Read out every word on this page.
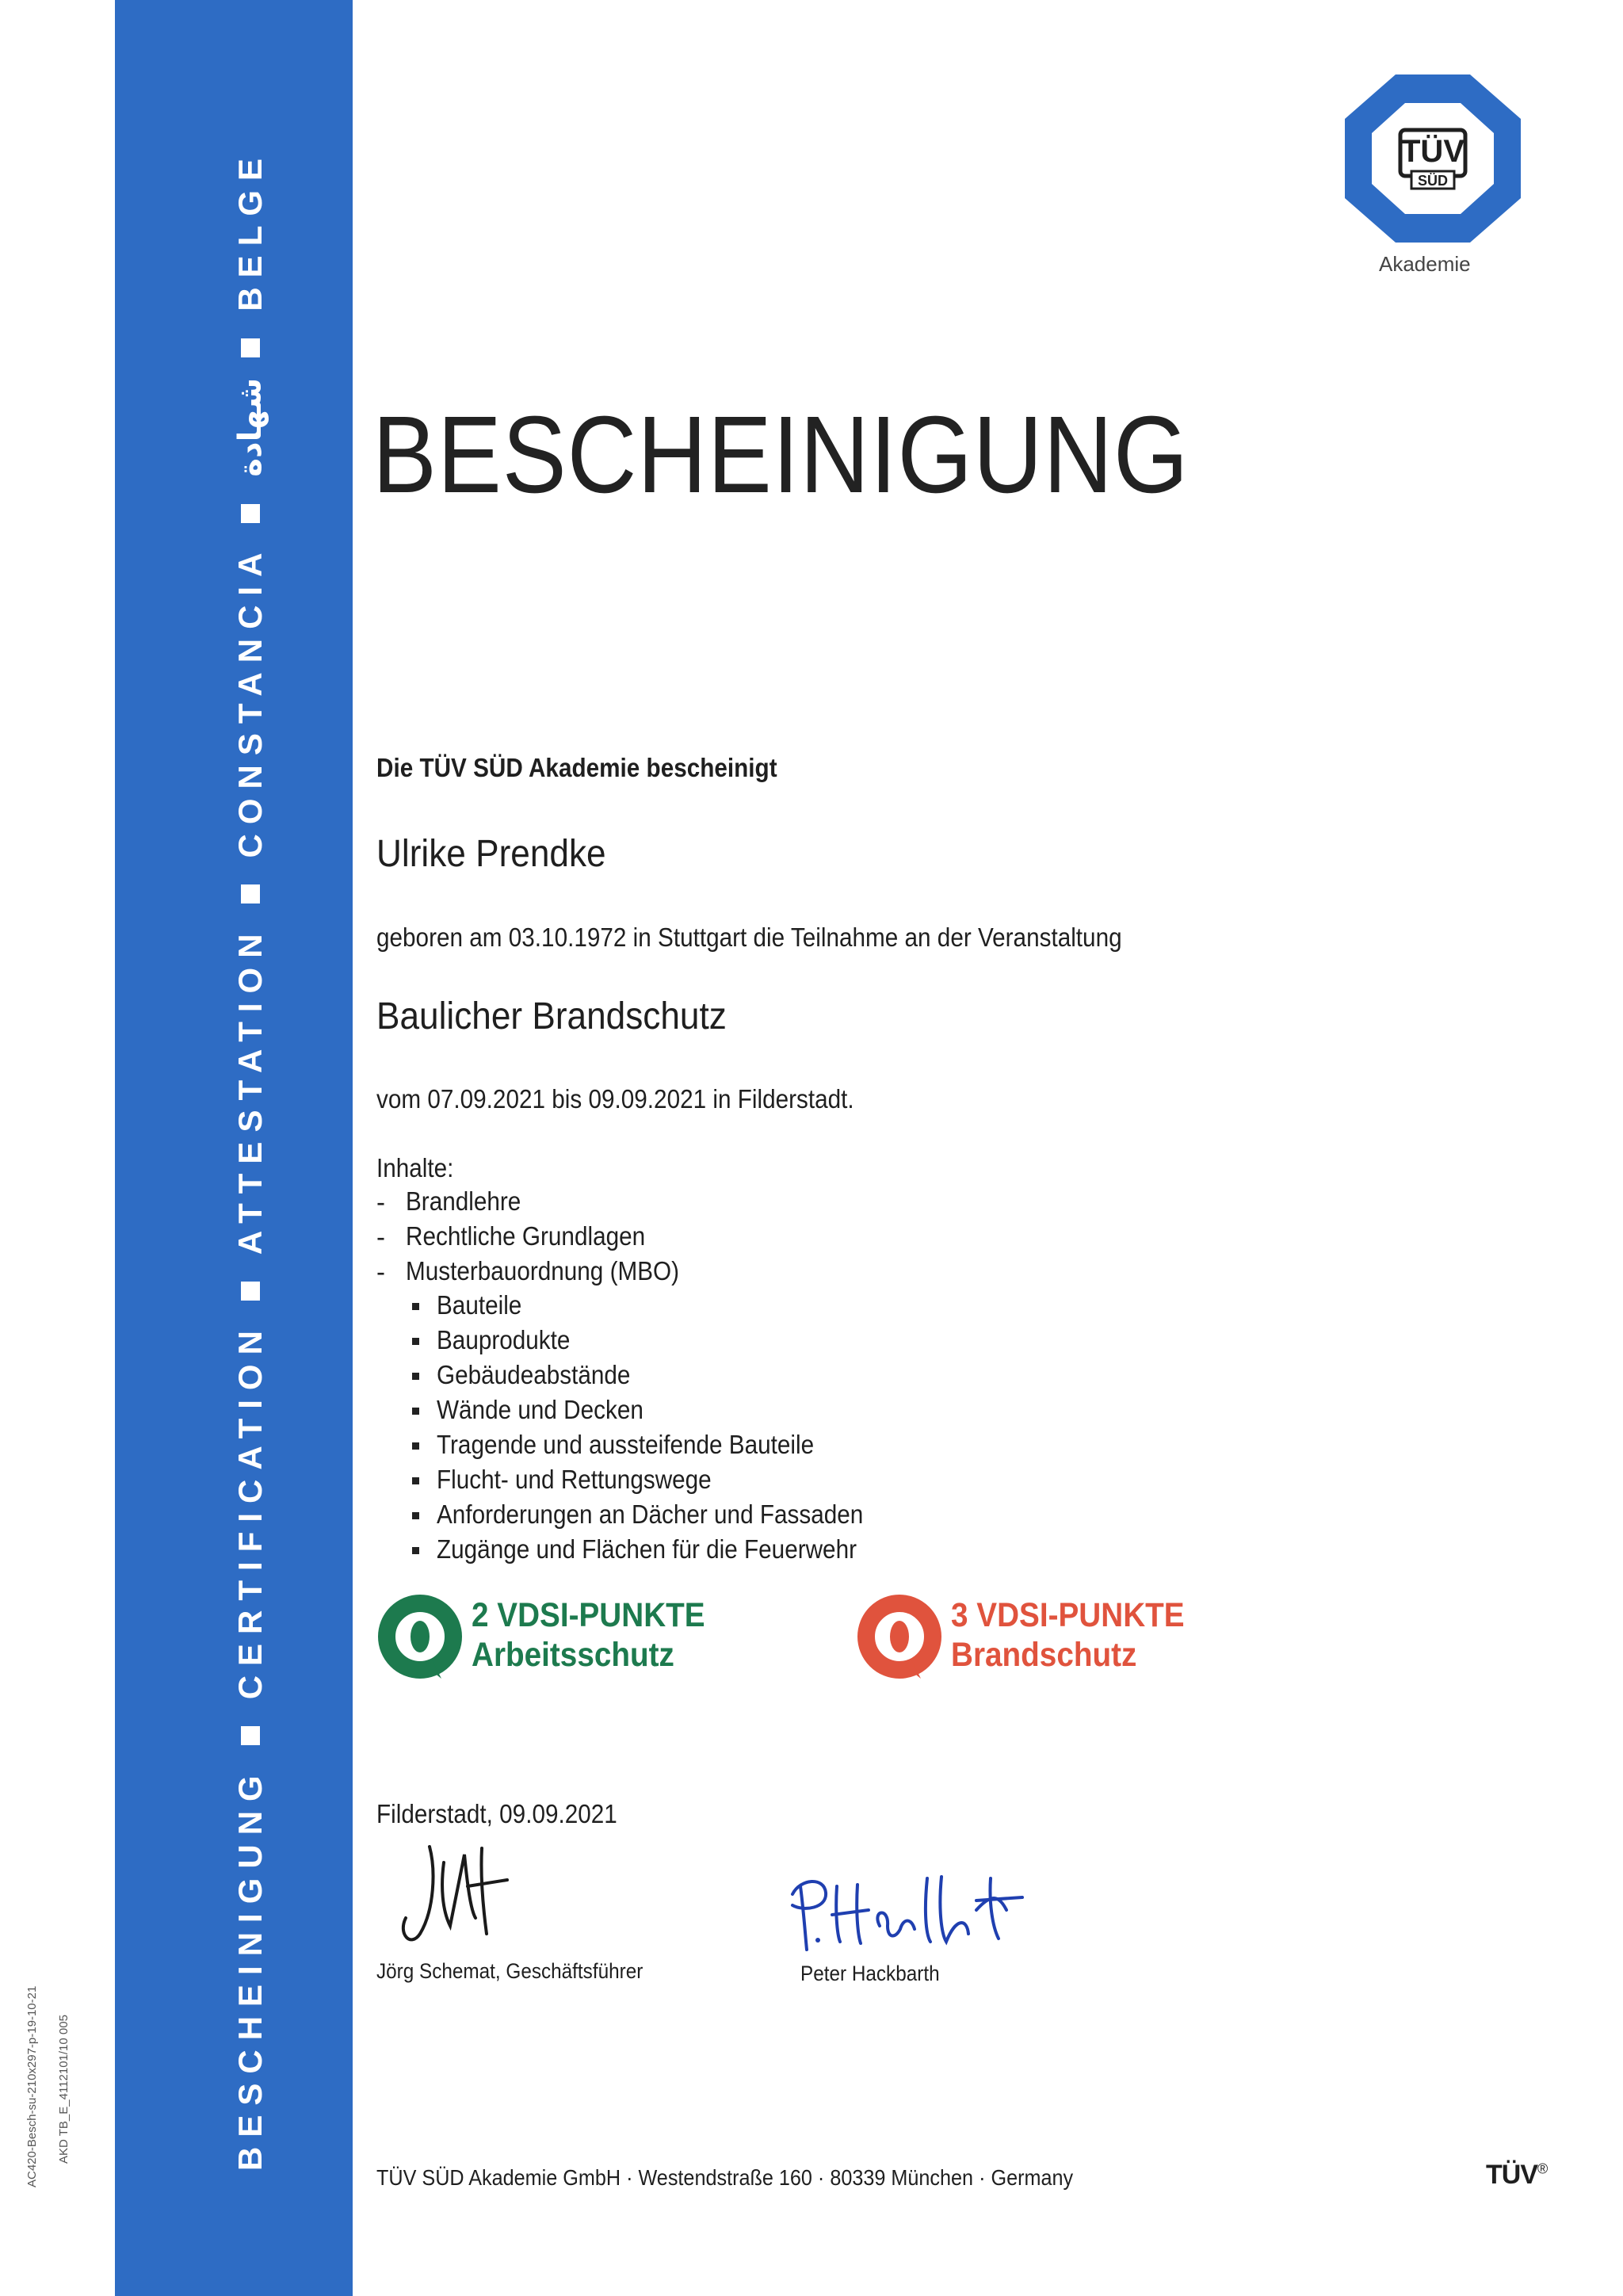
BESCHEINIGUNG
CERTIFICATION
ATTESTATION
CONSTANCIA
شهادة
BELGE
AC420-Besch-su-210x297-p-19-10-21 AKD TB_E_4112101/10 005
TÜV
SÜD
Akademie
BESCHEINIGUNG
Die TÜV SÜD Akademie bescheinigt
Ulrike Prendke
geboren am 03.10.1972 in Stuttgart die Teilnahme an der Veranstaltung
Baulicher Brandschutz
vom 07.09.2021 bis 09.09.2021 in Filderstadt.
Inhalte:
- Brandlehre
- Rechtliche Grundlagen
- Musterbauordnung (MBO)
Bauteile
Bauprodukte
Gebäudeabstände
Wände und Decken
Tragende und aussteifende Bauteile
Flucht- und Rettungswege
Anforderungen an Dächer und Fassaden
Zugänge und Flächen für die Feuerwehr
2 VDSI-PUNKTE
Arbeitsschutz
3 VDSI-PUNKTE
Brandschutz
Filderstadt, 09.09.2021
Jörg Schemat, Geschäftsführer	Peter Hackbarth
TÜV SÜD Akademie GmbH · Westendstraße 160 · 80339 München · Germany	TÜV®
